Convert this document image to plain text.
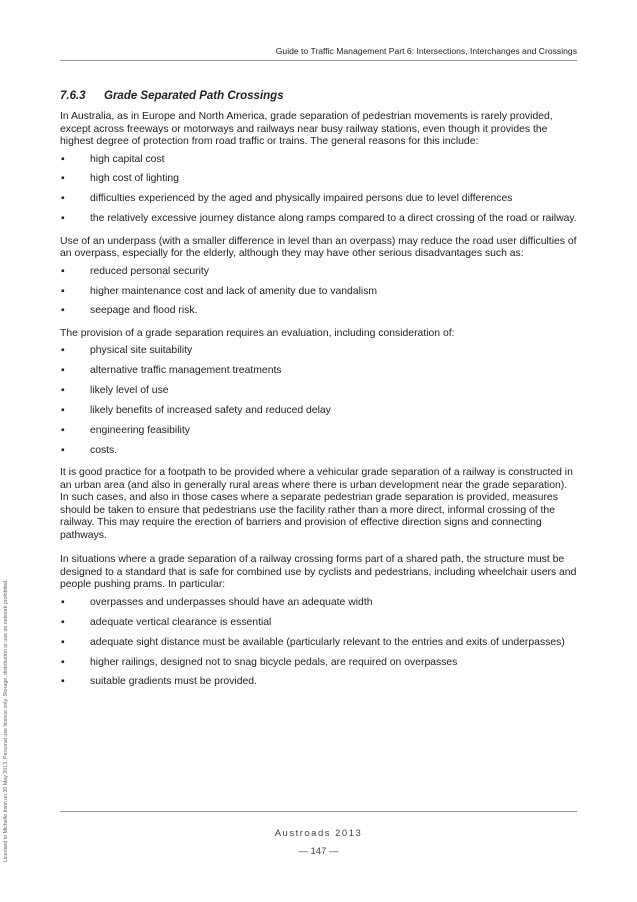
Guide to Traffic Management Part 6: Intersections, Interchanges and Crossings
7.6.3 Grade Separated Path Crossings

In Australia, as in Europe and North America, grade separation of pedestrian movements is rarely provided, except across freeways or motorways and railways near busy railway stations, even though it provides the highest degree of protection from road traffic or trains. The general reasons for this include:

▪ high capital cost
▪ high cost of lighting
▪ difficulties experienced by the aged and physically impaired persons due to level differences
▪ the relatively excessive journey distance along ramps compared to a direct crossing of the road or railway.

Use of an underpass (with a smaller difference in level than an overpass) may reduce the road user difficulties of an overpass, especially for the elderly, although they may have other serious disadvantages such as:

▪ reduced personal security
▪ higher maintenance cost and lack of amenity due to vandalism
▪ seepage and flood risk.

The provision of a grade separation requires an evaluation, including consideration of:

▪ physical site suitability
▪ alternative traffic management treatments
▪ likely level of use
▪ likely benefits of increased safety and reduced delay
▪ engineering feasibility
▪ costs.

It is good practice for a footpath to be provided where a vehicular grade separation of a railway is constructed in an urban area (and also in generally rural areas where there is urban development near the grade separation). In such cases, and also in those cases where a separate pedestrian grade separation is provided, measures should be taken to ensure that pedestrians use the facility rather than a more direct, informal crossing of the railway. This may require the erection of barriers and provision of effective direction signs and connecting pathways.

In situations where a grade separation of a railway crossing forms part of a shared path, the structure must be designed to a standard that is safe for combined use by cyclists and pedestrians, including wheelchair users and people pushing prams. In particular:

▪ overpasses and underpasses should have an adequate width
▪ adequate vertical clearance is essential
▪ adequate sight distance must be available (particularly relevant to the entries and exits of underpasses)
▪ higher railings, designed not to snag bicycle pedals, are required on overpasses
▪ suitable gradients must be provided.
Austroads 2013
— 147 —
Licensed to Michelle Irwin on 30 May 2013. Personal use licence only. Storage, distribution or use on network prohibited.
